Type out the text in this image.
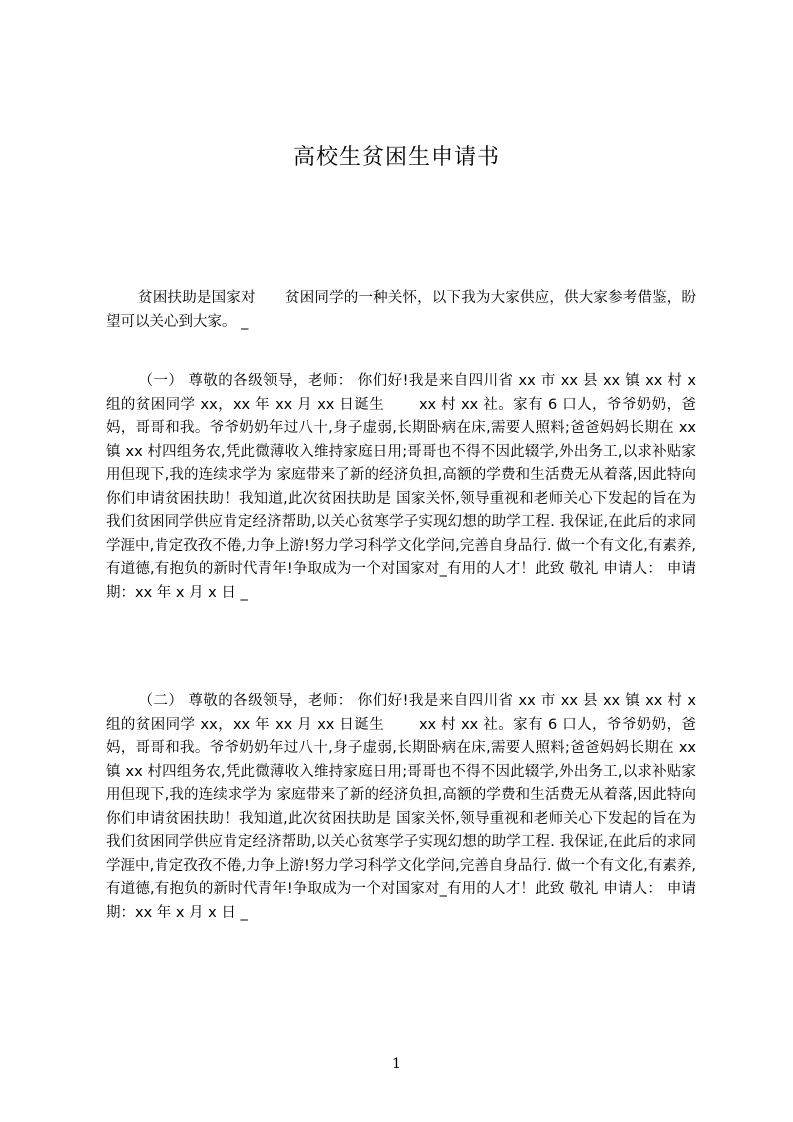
高校生贫困生申请书
贫困扶助是国家对　　贫困同学的一种关怀，以下我为大家供应，供大家参考借鉴，盼望可以关心到大家。 _
（一） 尊敬的各级领导，老师： 你们好!我是来自四川省 xx 市 xx 县 xx 镇 xx 村 x 组的贫困同学 xx，xx 年 xx 月 xx 日诞生　　 xx 村 xx 社。家有 6 口人，爷爷奶奶，爸妈，哥哥和我。爷爷奶奶年过八十,身子虚弱,长期卧病在床,需要人照料;爸爸妈妈长期在 xx 镇 xx 村四组务农,凭此微薄收入维持家庭日用;哥哥也不得不因此辍学,外出务工,以求补贴家用但现下,我的连续求学为 家庭带来了新的经济负担,高额的学费和生活费无从着落,因此特向你们申请贫困扶助！我知道,此次贫困扶助是 国家关怀,领导重视和老师关心下发起的旨在为我们贫困同学供应肯定经济帮助,以关心贫寒学子实现幻想的助学工程. 我保证,在此后的求同学涯中,肯定孜孜不倦,力争上游!努力学习科学文化学问,完善自身品行. 做一个有文化,有素养,有道德,有抱负的新时代青年!争取成为一个对国家对_有用的人才！此致 敬礼 申请人： 申请期：xx 年 x 月 x 日 _
（二） 尊敬的各级领导，老师： 你们好!我是来自四川省 xx 市 xx 县 xx 镇 xx 村 x 组的贫困同学 xx，xx 年 xx 月 xx 日诞生　　 xx 村 xx 社。家有 6 口人，爷爷奶奶，爸妈，哥哥和我。爷爷奶奶年过八十,身子虚弱,长期卧病在床,需要人照料;爸爸妈妈长期在 xx 镇 xx 村四组务农,凭此微薄收入维持家庭日用;哥哥也不得不因此辍学,外出务工,以求补贴家用但现下,我的连续求学为 家庭带来了新的经济负担,高额的学费和生活费无从着落,因此特向你们申请贫困扶助！我知道,此次贫困扶助是 国家关怀,领导重视和老师关心下发起的旨在为我们贫困同学供应肯定经济帮助,以关心贫寒学子实现幻想的助学工程. 我保证,在此后的求同学涯中,肯定孜孜不倦,力争上游!努力学习科学文化学问,完善自身品行. 做一个有文化,有素养,有道德,有抱负的新时代青年!争取成为一个对国家对_有用的人才！此致 敬礼 申请人： 申请期：xx 年 x 月 x 日 _
1
